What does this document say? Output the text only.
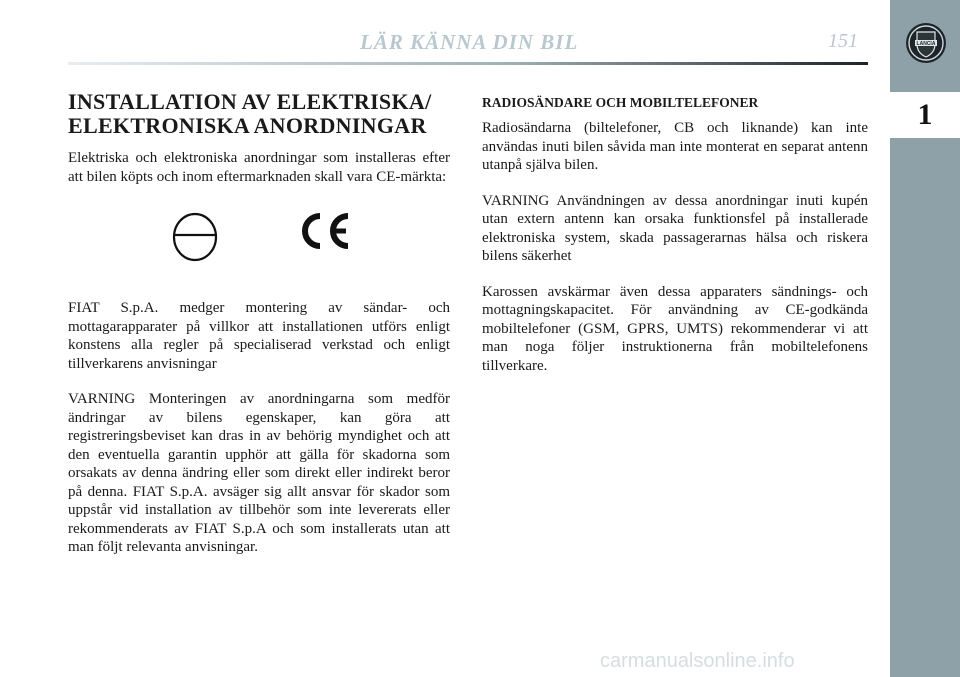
LÄR KÄNNA DIN BIL	151
1
LANCIA
INSTALLATION AV ELEKTRISKA/
ELEKTRONISKA ANORDNINGAR

Elektriska och elektroniska anordningar som installeras efter att bilen köpts och inom eftermarknaden skall vara CE-märkta:

FIAT S.p.A. medger montering av sändar- och mottagarapparater på villkor att installationen utförs enligt konstens alla regler på specialiserad verkstad och enligt tillverkarens anvisningar

VARNING Monteringen av anordningarna som medför ändringar av bilens egenskaper, kan göra att registreringsbeviset kan dras in av behörig myndighet och att den eventuella garantin upphör att gälla för skadorna som orsakats av denna ändring eller som direkt eller indirekt beror på denna. FIAT S.p.A. avsäger sig allt ansvar för skador som uppstår vid installation av tillbehör som inte levererats eller rekommenderats av FIAT S.p.A och som installerats utan att man följt relevanta anvisningar.

RADIOSÄNDARE OCH MOBILTELEFONER

Radiosändarna (biltelefoner, CB och liknande) kan inte användas inuti bilen såvida man inte monterat en separat antenn utanpå själva bilen.

VARNING Användningen av dessa anordningar inuti kupén utan extern antenn kan orsaka funktionsfel på installerade elektroniska system, skada passagerarnas hälsa och riskera bilens säkerhet

Karossen avskärmar även dessa apparaters sändnings- och mottagningskapacitet. För användning av CE-godkända mobiltelefoner (GSM, GPRS, UMTS) rekommenderar vi att man noga följer instruktionerna från mobiltelefonens tillverkare.

carmanualsonline.info
